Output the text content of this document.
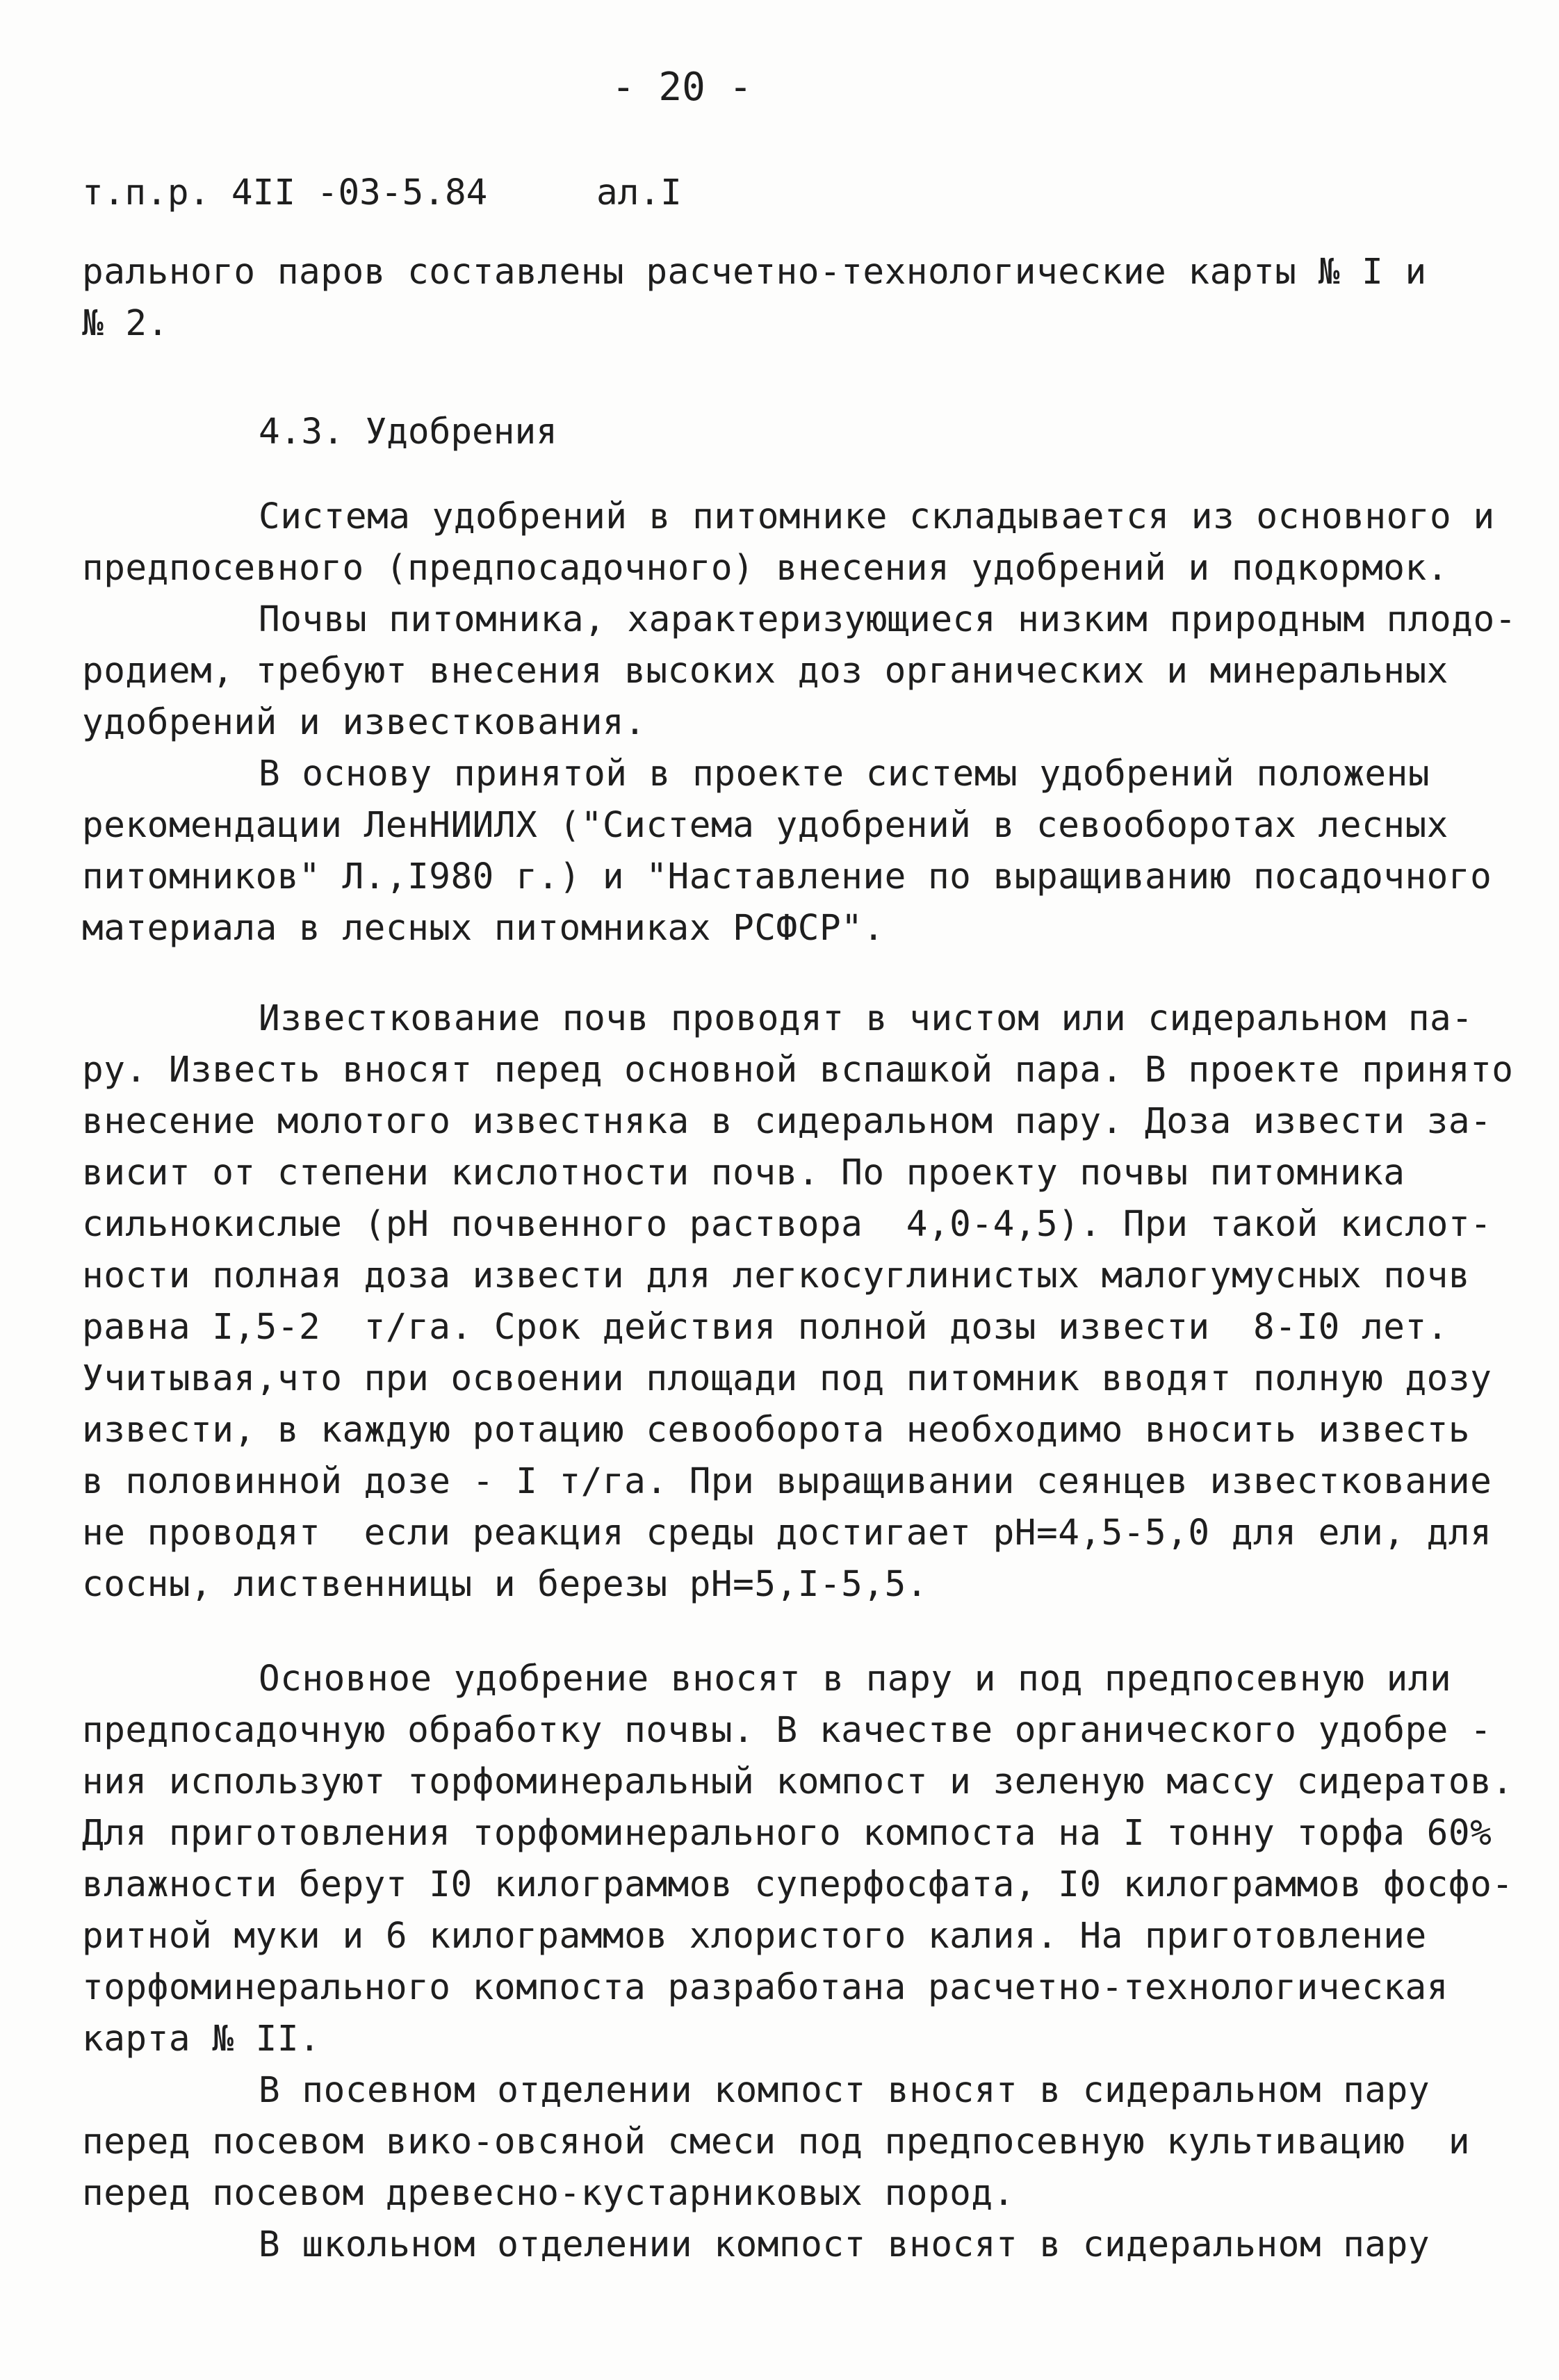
- 20 -
т.п.р. 4II -03-5.84	ал.I
рального паров составлены расчетно-технологические карты № I и
№ 2.
4.3. Удобрения
Система удобрений в питомнике складывается из основного и
предпосевного (предпосадочного) внесения удобрений и подкормок.
Почвы питомника, характеризующиеся низким природным плодо-
родием, требуют внесения высоких доз органических и минеральных
удобрений и известкования.
В основу принятой в проекте системы удобрений положены
рекомендации ЛенНИИЛХ ("Система удобрений в севооборотах лесных
питомников" Л.,I980 г.) и "Наставление по выращиванию посадочного
материала в лесных питомниках РСФСР".
Известкование почв проводят в чистом или сидеральном па-
ру. Известь вносят перед основной вспашкой пара. В проекте принято
внесение молотого известняка в сидеральном пару. Доза извести за-
висит от степени кислотности почв. По проекту почвы питомника
сильнокислые (рН почвенного раствора  4,0-4,5). При такой кислот-
ности полная доза извести для легкосуглинистых малогумусных почв
равна I,5-2  т/га. Срок действия полной дозы извести  8-I0 лет.
Учитывая,что при освоении площади под питомник вводят полную дозу
извести, в каждую ротацию севооборота необходимо вносить известь
в половинной дозе - I т/га. При выращивании сеянцев известкование
не проводят  если реакция среды достигает рН=4,5-5,0 для ели, для
сосны, лиственницы и березы рН=5,I-5,5.
Основное удобрение вносят в пару и под предпосевную или
предпосадочную обработку почвы. В качестве органического удобре -
ния используют торфоминеральный компост и зеленую массу сидератов.
Для приготовления торфоминерального компоста на I тонну торфа 60%
влажности берут I0 килограммов суперфосфата, I0 килограммов фосфо-
ритной муки и 6 килограммов хлористого калия. На приготовление
торфоминерального компоста разработана расчетно-технологическая
карта № II.
В посевном отделении компост вносят в сидеральном пару
перед посевом вико-овсяной смеси под предпосевную культивацию  и
перед посевом древесно-кустарниковых пород.
В школьном отделении компост вносят в сидеральном пару
